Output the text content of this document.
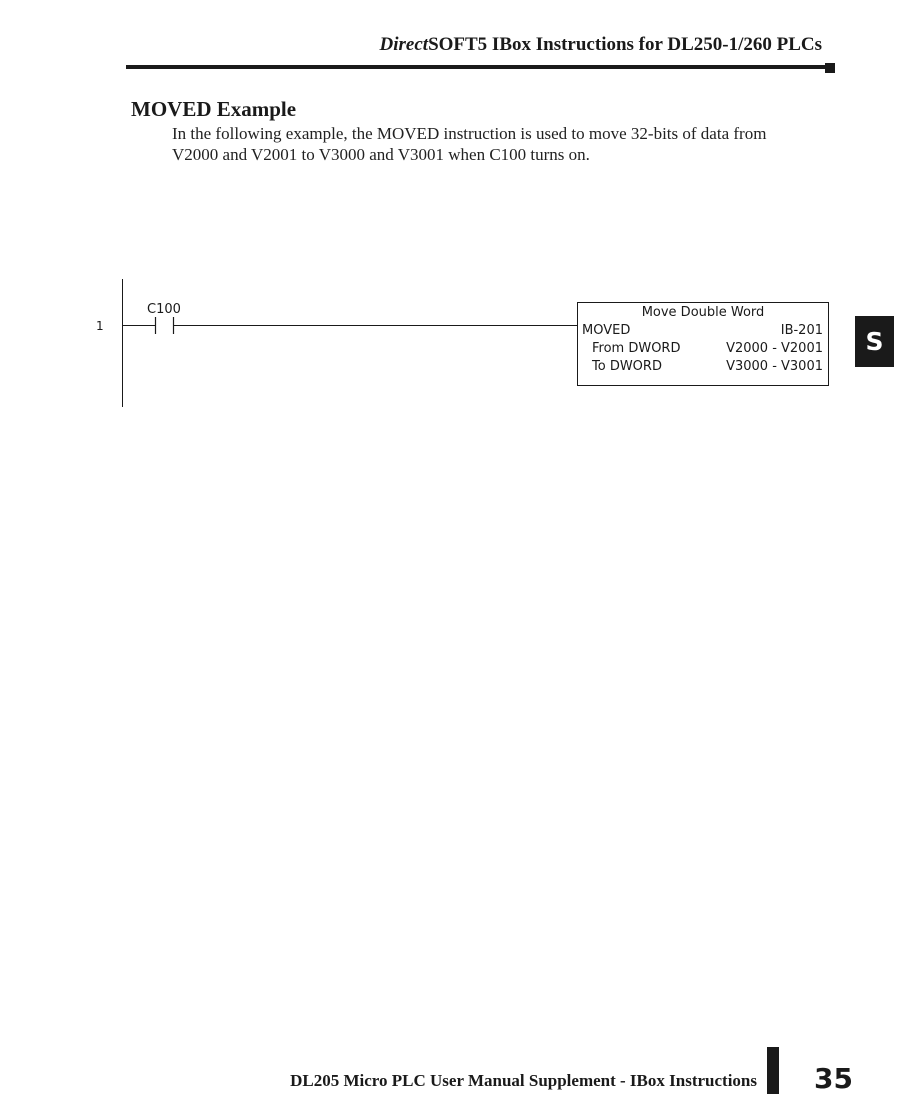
DirectSOFT5 IBox Instructions for DL250-1/260 PLCs
MOVED Example
In the following example, the MOVED instruction is used to move 32-bits of data from V2000 and V2001 to V3000 and V3001 when C100 turns on.
S
1
C100	Move Double Word
MOVED	IB-201
From DWORD	V2000 - V2001
To DWORD	V3000 - V3001
DL205 Micro PLC User Manual Supplement - IBox Instructions 35
